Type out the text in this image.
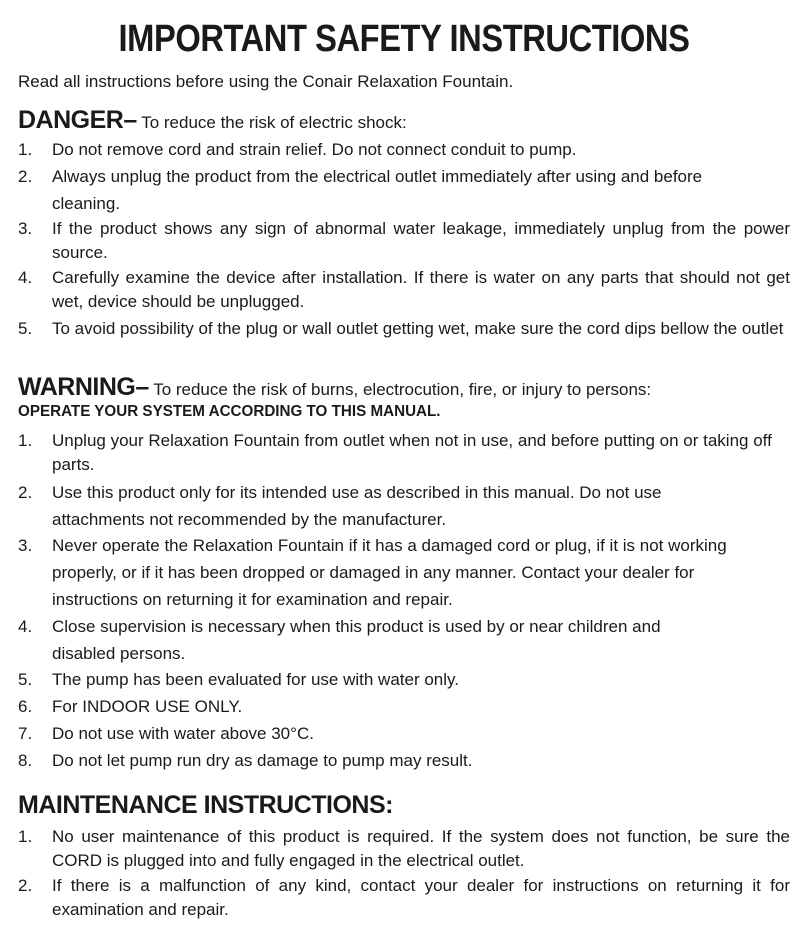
IMPORTANT SAFETY INSTRUCTIONS
Read all instructions before using the Conair Relaxation Fountain.
DANGER– To reduce the risk of electric shock:
1. Do not remove cord and strain relief. Do not connect conduit to pump.
2. Always unplug the product from the electrical outlet immediately after using and before cleaning.
3. If the product shows any sign of abnormal water leakage, immediately unplug from the power source.
4. Carefully examine the device after installation. If there is water on any parts that should not get wet, device should be unplugged.
5. To avoid possibility of the plug or wall outlet getting wet, make sure the cord dips bellow the outlet
WARNING– To reduce the risk of burns, electrocution, fire, or injury to persons:
OPERATE YOUR SYSTEM ACCORDING TO THIS MANUAL.
1. Unplug your Relaxation Fountain from outlet when not in use, and before putting on or taking off parts.
2. Use this product only for its intended use as described in this manual. Do not use attachments not recommended by the manufacturer.
3. Never operate the Relaxation Fountain if it has a damaged cord or plug, if it is not working properly, or if it has been dropped or damaged in any manner. Contact your dealer for instructions on returning it for examination and repair.
4. Close supervision is necessary when this product is used by or near children and disabled persons.
5. The pump has been evaluated for use with water only.
6. For INDOOR USE ONLY.
7. Do not use with water above 30°C.
8. Do not let pump run dry as damage to pump may result.
MAINTENANCE INSTRUCTIONS:
1. No user maintenance of this product is required. If the system does not function, be sure the CORD is plugged into and fully engaged in the electrical outlet.
2. If there is a malfunction of any kind, contact your dealer for instructions on returning it for examination and repair.
